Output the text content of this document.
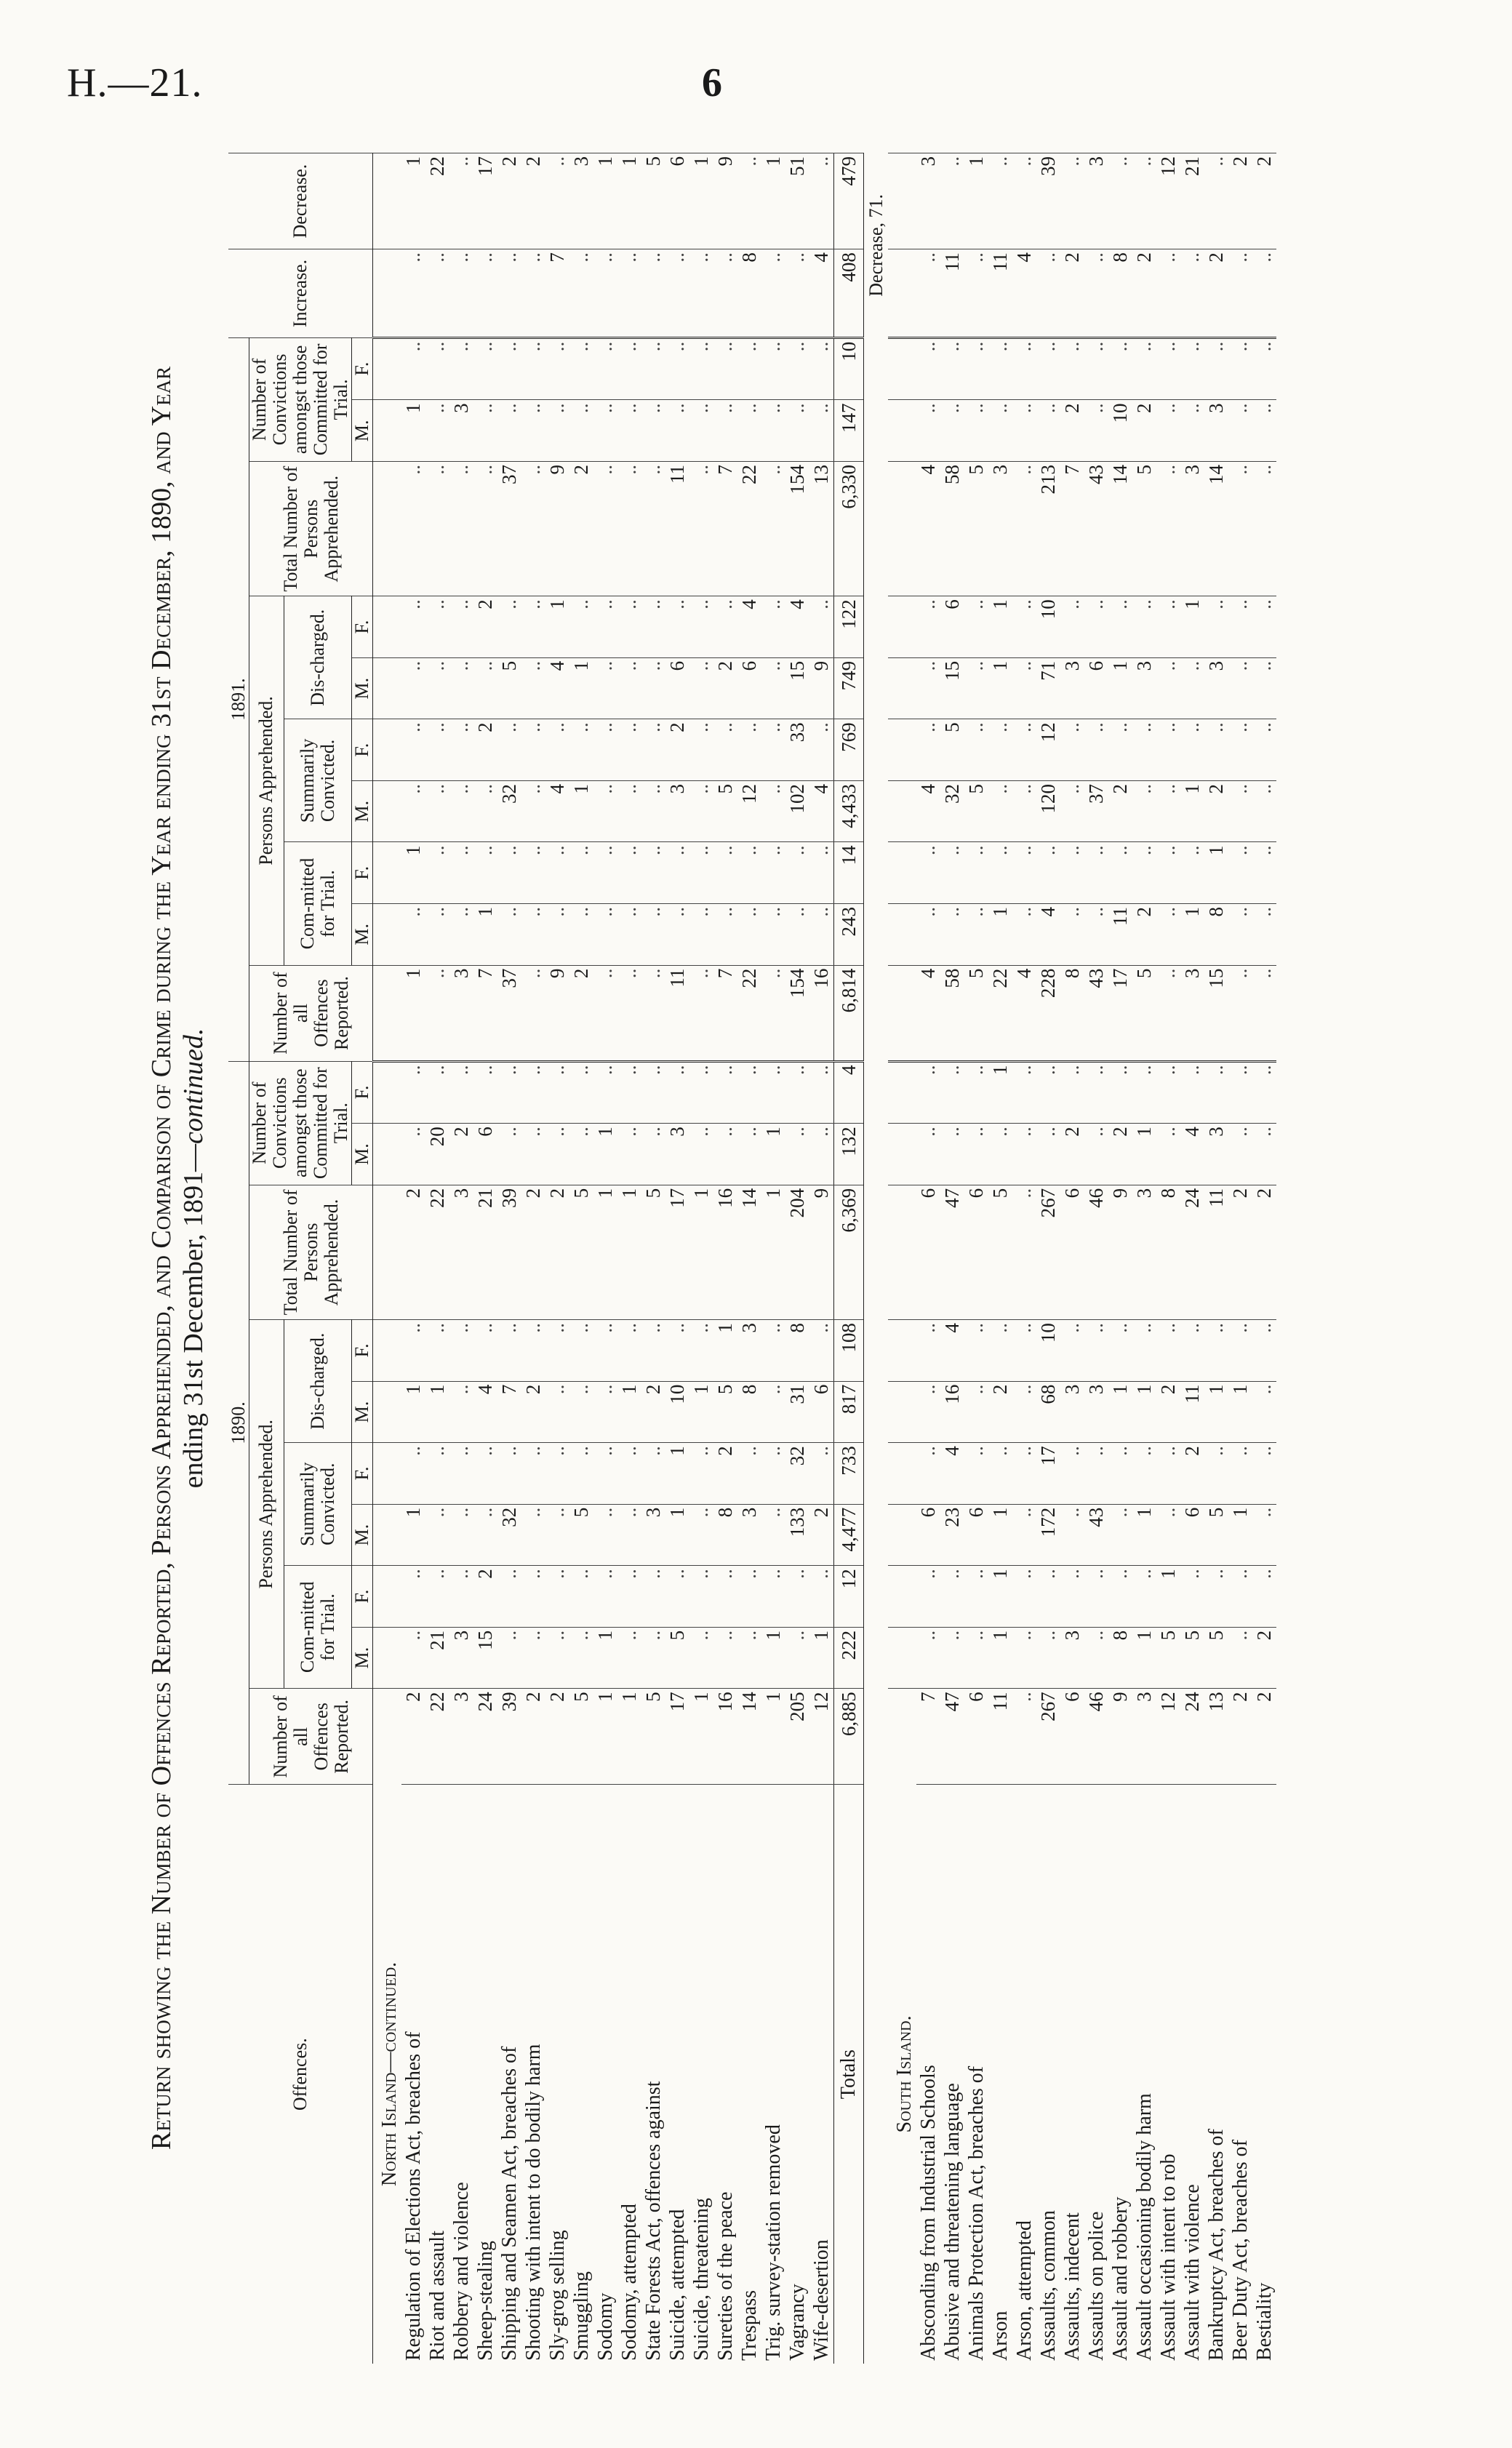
H.—21.	6
Return showing the Number of Offences Reported, Persons Apprehended, and Comparison of Crime during the Year ending 31st December, 1890, and Year ending 31st December, 1891—continued.
Offences.	1890.										1891.										Increase.	Decrease.
	Number of all Offences Reported.	Persons Apprehended.						Total Number of Persons Apprehended.	Number of Convictions amongst those Committed for Trial.		Number of all Offences Reported.	Persons Apprehended.						Total Number of Persons Apprehended.	Number of Convictions amongst those Committed for Trial.			
		Com-mitted for Trial.		Summarily Convicted.		Dis-charged.						Com-mitted for Trial.		Summarily Convicted.		Dis-charged.						
		M.	F.	M.	F.	M.	F.		M.	F.		M.	F.	M.	F.	M.	F.		M.	F.		
North Island—continued.																						
Regulation of Elections Act, breaches of	2	..	..	1	..	1	..	2	..	..	1	..	1	..	..	..	..	..	1	..	..	1
Riot and assault	22	21	..	..	..	1	..	22	20	..	..	..	..	..	..	..	..	..	..	..	..	22
Robbery and violence	3	3	..	..	..	..	..	3	2	..	3	..	..	..	..	..	..	..	3	..	..	..
Sheep-stealing	24	15	2	..	..	4	..	21	6	..	7	1	..	..	2	..	2	..	..	..	..	17
Shipping and Seamen Act, breaches of	39	..	..	32	..	7	..	39	..	..	37	..	..	32	..	5	..	37	..	..	..	2
Shooting with intent to do bodily harm	2	..	..	..	..	2	..	2	..	..	..	..	..	..	..	..	..	..	..	..	..	2
Sly-grog selling	2	..	..	..	..	..	..	2	..	..	9	..	..	4	..	4	1	9	..	..	7	..
Smuggling	5	..	..	5	..	..	..	5	..	..	2	..	..	1	..	1	..	2	..	..	..	3
Sodomy	1	1	..	..	..	..	..	1	1	..	..	..	..	..	..	..	..	..	..	..	..	1
Sodomy, attempted	1	..	..	..	..	1	..	1	..	..	..	..	..	..	..	..	..	..	..	..	..	1
State Forests Act, offences against	5	..	..	3	..	2	..	5	..	..	..	..	..	..	..	..	..	..	..	..	..	5
Suicide, attempted	17	5	..	1	1	10	..	17	3	..	11	..	..	3	2	6	..	11	..	..	..	6
Suicide, threatening	1	..	..	..	..	1	..	1	..	..	..	..	..	..	..	..	..	..	..	..	..	1
Sureties of the peace	16	..	..	8	2	5	1	16	..	..	7	..	..	5	..	2	..	7	..	..	..	9
Trespass	14	..	..	3	..	8	3	14	..	..	22	..	..	12	..	6	4	22	..	..	8	..
Trig. survey-station removed	1	1	..	..	..	..	..	1	1	..	..	..	..	..	..	..	..	..	..	..	..	1
Vagrancy	205	..	..	133	32	31	8	204	..	..	154	..	..	102	33	15	4	154	..	..	..	51
Wife-desertion	12	1	..	2	..	6	..	9	..	..	16	..	..	4	..	9	..	13	..	..	4	..
Totals	6,885	222	12	4,477	733	817	108	6,369	132	4	6,814	243	14	4,433	769	749	122	6,330	147	10	408	479
																					Decrease, 71.	
South Island.																						
Absconding from Industrial Schools	7	..	..	6	..	..	..	6	..	..	4	..	..	4	..	..	..	4	..	..	..	3
Abusive and threatening language	47	..	..	23	4	16	4	47	..	..	58	..	..	32	5	15	6	58	..	..	11	..
Animals Protection Act, breaches of	6	..	..	6	..	..	..	6	..	..	5	..	..	5	..	..	..	5	..	..	..	1
Arson	11	1	1	1	..	2	..	5	..	1	22	1	..	..	..	1	1	3	..	..	11	..
Arson, attempted	..	..	..	..	..	..	..	..	..	..	4	..	..	..	..	..	..	..	..	..	4	..
Assaults, common	267	..	..	172	17	68	10	267	..	..	228	4	..	120	12	71	10	213	..	..	..	39
Assaults, indecent	6	3	..	..	..	3	..	6	2	..	8	..	..	..	..	3	..	7	2	..	2	..
Assaults on police	46	..	..	43	..	3	..	46	..	..	43	..	..	37	..	6	..	43	..	..	..	3
Assault and robbery	9	8	..	..	..	1	..	9	2	..	17	11	..	2	..	1	..	14	10	..	8	..
Assault occasioning bodily harm	3	1	..	1	..	1	..	3	1	..	5	2	..	..	..	3	..	5	2	..	2	..
Assault with intent to rob	12	5	1	..	..	2	..	8	..	..	..	..	..	..	..	..	..	..	..	..	..	12
Assault with violence	24	5	..	6	2	11	..	24	4	..	3	1	..	1	..	..	1	3	..	..	..	21
Bankruptcy Act, breaches of	13	5	..	5	..	1	..	11	3	..	15	8	1	2	..	3	..	14	3	..	2	..
Beer Duty Act, breaches of	2	..	..	1	..	1	..	2	..	..	..	..	..	..	..	..	..	..	..	..	..	2
Bestiality	2	2	..	..	..	..	..	2	..	..	..	..	..	..	..	..	..	..	..	..	..	2
